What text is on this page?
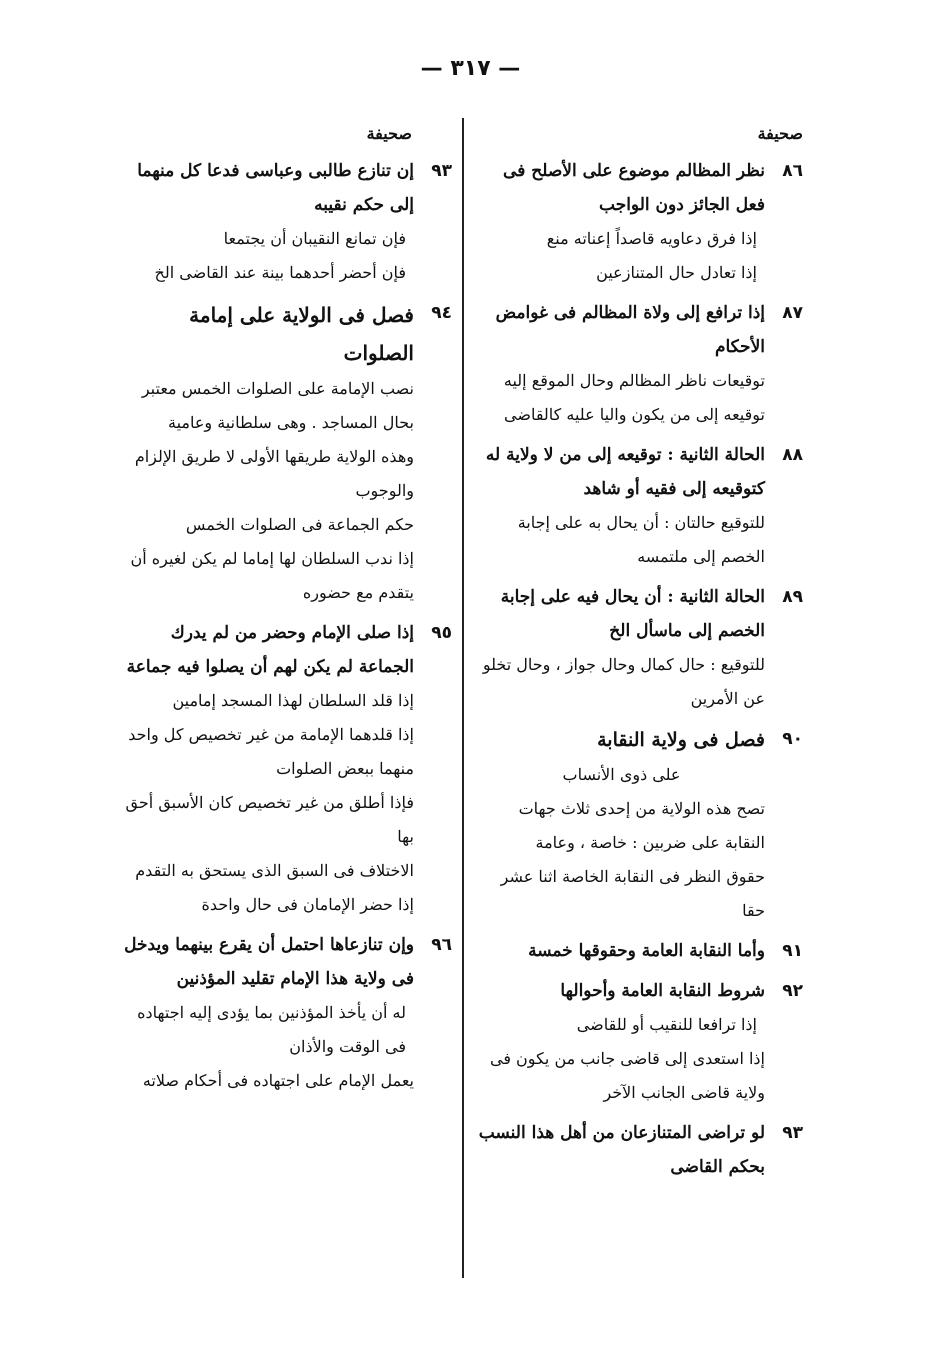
— ٣١٧ —
صحيفة
٨٦
نظر المظالم موضوع على الأصلح فى فعل الجائز دون الواجب
إذا فرق دعاويه قاصداً إعناته منع
إذا تعادل حال المتنازعين
٨٧
إذا ترافع إلى ولاة المظالم فى غوامض الأحكام
توقيعات ناظر المظالم وحال الموقع إليه
توقيعه إلى من يكون واليا عليه كالقاضى
٨٨
الحالة الثانية : توقيعه إلى من لا ولاية له كتوقيعه إلى فقيه أو شاهد
للتوقيع حالتان : أن يحال به على إجابة الخصم إلى ملتمسه
٨٩
الحالة الثانية : أن يحال فيه على إجابة الخصم إلى ماسأل الخ
للتوقيع : حال كمال وحال جواز ، وحال تخلو عن الأمرين
٩٠
فصل فى ولاية النقابة
على ذوى الأنساب
تصح هذه الولاية من إحدى ثلاث جهات
النقابة على ضربين : خاصة ، وعامة
حقوق النظر فى النقابة الخاصة اثنا عشر حقا
٩١
وأما النقابة العامة وحقوقها خمسة
٩٢
شروط النقابة العامة وأحوالها
إذا ترافعا للنقيب أو للقاضى
إذا استعدى إلى قاضى جانب من يكون فى ولاية قاضى الجانب الآخر
٩٣
لو تراضى المتنازعان من أهل هذا النسب بحكم القاضى
صحيفة
٩٣
إن تنازع طالبى وعباسى فدعا كل منهما إلى حكم نقيبه
فإن تمانع النقيبان أن يجتمعا
فإن أحضر أحدهما بينة عند القاضى الخ
٩٤
فصل فى الولاية على إمامة الصلوات
نصب الإمامة على الصلوات الخمس معتبر بحال المساجد . وهى سلطانية وعامية
وهذه الولاية طريقها الأولى لا طريق الإلزام والوجوب
حكم الجماعة فى الصلوات الخمس
إذا ندب السلطان لها إماما لم يكن لغيره أن يتقدم مع حضوره
٩٥
إذا صلى الإمام وحضر من لم يدرك الجماعة لم يكن لهم أن يصلوا فيه جماعة
إذا قلد السلطان لهذا المسجد إمامين
إذا قلدهما الإمامة من غير تخصيص كل واحد منهما ببعض الصلوات
فإذا أطلق من غير تخصيص كان الأسبق أحق بها
الاختلاف فى السبق الذى يستحق به التقدم
إذا حضر الإمامان فى حال واحدة
٩٦
وإن تنازعاها احتمل أن يقرع بينهما ويدخل فى ولاية هذا الإمام تقليد المؤذنين
له أن يأخذ المؤذنين بما يؤدى إليه اجتهاده فى الوقت والأذان
يعمل الإمام على اجتهاده فى أحكام صلاته
